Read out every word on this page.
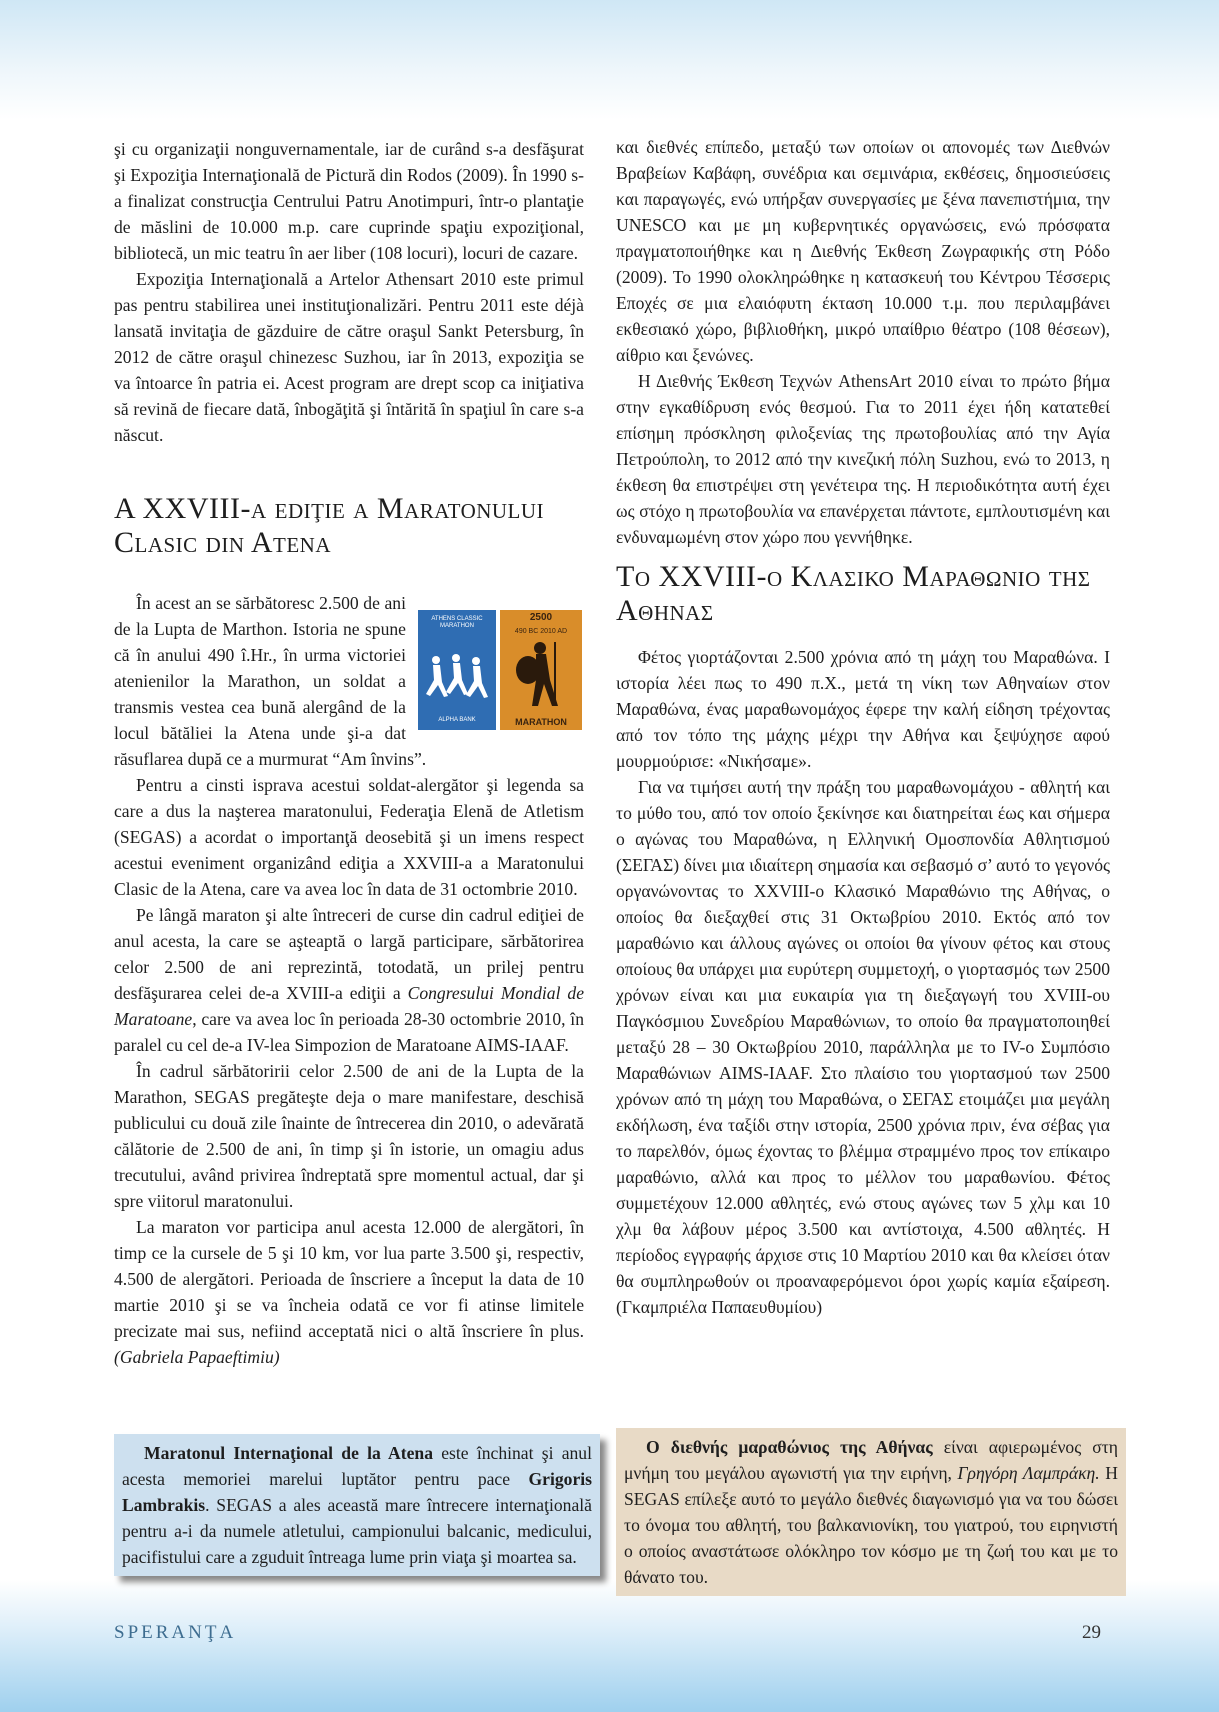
şi cu organizaţii nonguvernamentale, iar de curând s-a desfăşurat şi Expoziţia Internaţională de Pictură din Rodos (2009). În 1990 s-a finalizat construcţia Centrului Patru Anotimpuri, într-o plantaţie de măslini de 10.000 m.p. care cuprinde spaţiu expoziţional, bibliotecă, un mic teatru în aer liber (108 locuri), locuri de cazare.

Expoziţia Internaţională a Artelor Athensart 2010 este primul pas pentru stabilirea unei instituţionalizări. Pentru 2011 este déjà lansată invitaţia de găzduire de către oraşul Sankt Petersburg, în 2012 de către oraşul chinezesc Suzhou, iar în 2013, expoziţia se va întoarce în patria ei. Acest program are drept scop ca iniţiativa să revină de fiecare dată, înbogăţită şi întărită în spaţiul în care s-a născut.

A XXVIII-a ediţie a Maratonului Clasic din Atena
ATHENS CLASSIC MARATHON
ALPHA BANK
2500
490 BC 2010 AD
MARATHON

În acest an se sărbătoresc 2.500 de ani de la Lupta de Marthon. Istoria ne spune că în anului 490 î.Hr., în urma victoriei atenienilor la Marathon, un soldat a transmis vestea cea bună alergând de la locul bătăliei la Atena unde şi-a dat răsuflarea după ce a murmurat “Am învins”.

Pentru a cinsti isprava acestui soldat-alergător şi legenda sa care a dus la naşterea maratonului, Federaţia Elenă de Atletism (SEGAS) a acordat o importanţă deosebită şi un imens respect acestui eveniment organizând ediţia a XXVIII-a a Maratonului Clasic de la Atena, care va avea loc în data de 31 octombrie 2010.

Pe lângă maraton şi alte întreceri de curse din cadrul ediţiei de anul acesta, la care se aşteaptă o largă participare, sărbătorirea celor 2.500 de ani reprezintă, totodată, un prilej pentru desfăşurarea celei de-a XVIII-a ediţii a Congresului Mondial de Maratoane, care va avea loc în perioada 28-30 octombrie 2010, în paralel cu cel de-a IV-lea Simpozion de Maratoane AIMS-IAAF.

În cadrul sărbătoririi celor 2.500 de ani de la Lupta de la Marathon, SEGAS pregăteşte deja o mare manifestare, deschisă publicului cu două zile înainte de întrecerea din 2010, o adevărată călătorie de 2.500 de ani, în timp şi în istorie, un omagiu adus trecutului, având privirea îndreptată spre momentul actual, dar şi spre viitorul maratonului.

La maraton vor participa anul acesta 12.000 de alergători, în timp ce la cursele de 5 şi 10 km, vor lua parte 3.500 şi, respectiv, 4.500 de alergători. Perioada de înscriere a început la data de 10 martie 2010 şi se va încheia odată ce vor fi atinse limitele precizate mai sus, nefiind acceptată nici o altă înscriere în plus. (Gabriela Papaeftimiu)

Maratonul Internaţional de la Atena este închinat şi anul acesta memoriei marelui luptător pentru pace Grigoris Lambrakis. SEGAS a ales această mare întrecere internaţională pentru a-i da numele atletului, campionului balcanic, medicului, pacifistului care a zguduit întreaga lume prin viaţa şi moartea sa.

και διεθνές επίπεδο, μεταξύ των οποίων οι απονομές των Διεθνών Βραβείων Καβάφη, συνέδρια και σεμινάρια, εκθέσεις, δημοσιεύσεις και παραγωγές, ενώ υπήρξαν συνεργασίες με ξένα πανεπιστήμια, την UNESCO και με μη κυβερνητικές οργανώσεις, ενώ πρόσφατα πραγματοποιήθηκε και η Διεθνής Έκθεση Ζωγραφικής στη Ρόδο (2009). Το 1990 ολοκληρώθηκε η κατασκευή του Κέντρου Τέσσερις Εποχές σε μια ελαιόφυτη έκταση 10.000 τ.μ. που περιλαμβάνει εκθεσιακό χώρο, βιβλιοθήκη, μικρό υπαίθριο θέατρο (108 θέσεων), αίθριο και ξενώνες.

Η Διεθνής Έκθεση Τεχνών AthensArt 2010 είναι το πρώτο βήμα στην εγκαθίδρυση ενός θεσμού. Για το 2011 έχει ήδη κατατεθεί επίσημη πρόσκληση φιλοξενίας της πρωτοβουλίας από την Αγία Πετρούπολη, το 2012 από την κινεζική πόλη Suzhou, ενώ το 2013, η έκθεση θα επιστρέψει στη γενέτειρα της. Η περιοδικότητα αυτή έχει ως στόχο η πρωτοβουλία να επανέρχεται πάντοτε, εμπλουτισμένη και ενδυναμωμένη στον χώρο που γεννήθηκε.

Το XXVIII-ο Κλασικο Μαραθωνιο της Αθηνας

Φέτος γιορτάζονται 2.500 χρόνια από τη μάχη του Μαραθώνα. Ι ιστορία λέει πως το 490 π.Χ., μετά τη νίκη των Αθηναίων στον Μαραθώνα, ένας μαραθωνομάχος έφερε την καλή είδηση τρέχοντας από τον τόπο της μάχης μέχρι την Αθήνα και ξεψύχησε αφού μουρμούρισε: «Νικήσαμε».

Για να τιμήσει αυτή την πράξη του μαραθωνομάχου - αθλητή και το μύθο του, από τον οποίο ξεκίνησε και διατηρείται έως και σήμερα ο αγώνας του Μαραθώνα, η Ελληνική Ομοσπονδία Αθλητισμού (ΣΕΓΑΣ) δίνει μια ιδιαίτερη σημασία και σεβασμό σ’ αυτό το γεγονός οργανώνοντας το XXVIII-ο Κλασικό Μαραθώνιο της Αθήνας, ο οποίος θα διεξαχθεί στις 31 Οκτωβρίου 2010. Εκτός από τον μαραθώνιο και άλλους αγώνες οι οποίοι θα γίνουν φέτος και στους οποίους θα υπάρχει μια ευρύτερη συμμετοχή, ο γιορτασμός των 2500 χρόνων είναι και μια ευκαιρία για τη διεξαγωγή του XVIII-ου Παγκόσμιου Συνεδρίου Μαραθώνιων, το οποίο θα πραγματοποιηθεί μεταξύ 28 – 30 Οκτωβρίου 2010, παράλληλα με το IV-ο Συμπόσιο Μαραθώνιων AIMS-IAAF. Στο πλαίσιο του γιορτασμού των 2500 χρόνων από τη μάχη του Μαραθώνα, ο ΣΕΓΑΣ ετοιμάζει μια μεγάλη εκδήλωση, ένα ταξίδι στην ιστορία, 2500 χρόνια πριν, ένα σέβας για το παρελθόν, όμως έχοντας το βλέμμα στραμμένο προς τον επίκαιρο μαραθώνιο, αλλά και προς το μέλλον του μαραθωνίου. Φέτος συμμετέχουν 12.000 αθλητές, ενώ στους αγώνες των 5 χλμ και 10 χλμ θα λάβουν μέρος 3.500 και αντίστοιχα, 4.500 αθλητές. Η περίοδος εγγραφής άρχισε στις 10 Μαρτίου 2010 και θα κλείσει όταν θα συμπληρωθούν οι προαναφερόμενοι όροι χωρίς καμία εξαίρεση. (Γκαμπριέλα Παπαευθυμίου)

Ο διεθνής μαραθώνιος της Αθήνας είναι αφιερωμένος στη μνήμη του μεγάλου αγωνιστή για την ειρήνη, Γρηγόρη Λαμπράκη. Η SEGAS επίλεξε αυτό το μεγάλο διεθνές διαγωνισμό για να του δώσει το όνομα του αθλητή, του βαλκανιονίκη, του γιατρού, του ειρηνιστή ο οποίος αναστάτωσε ολόκληρο τον κόσμο με τη ζωή του και με το θάνατο του.

SPERANŢA	29
